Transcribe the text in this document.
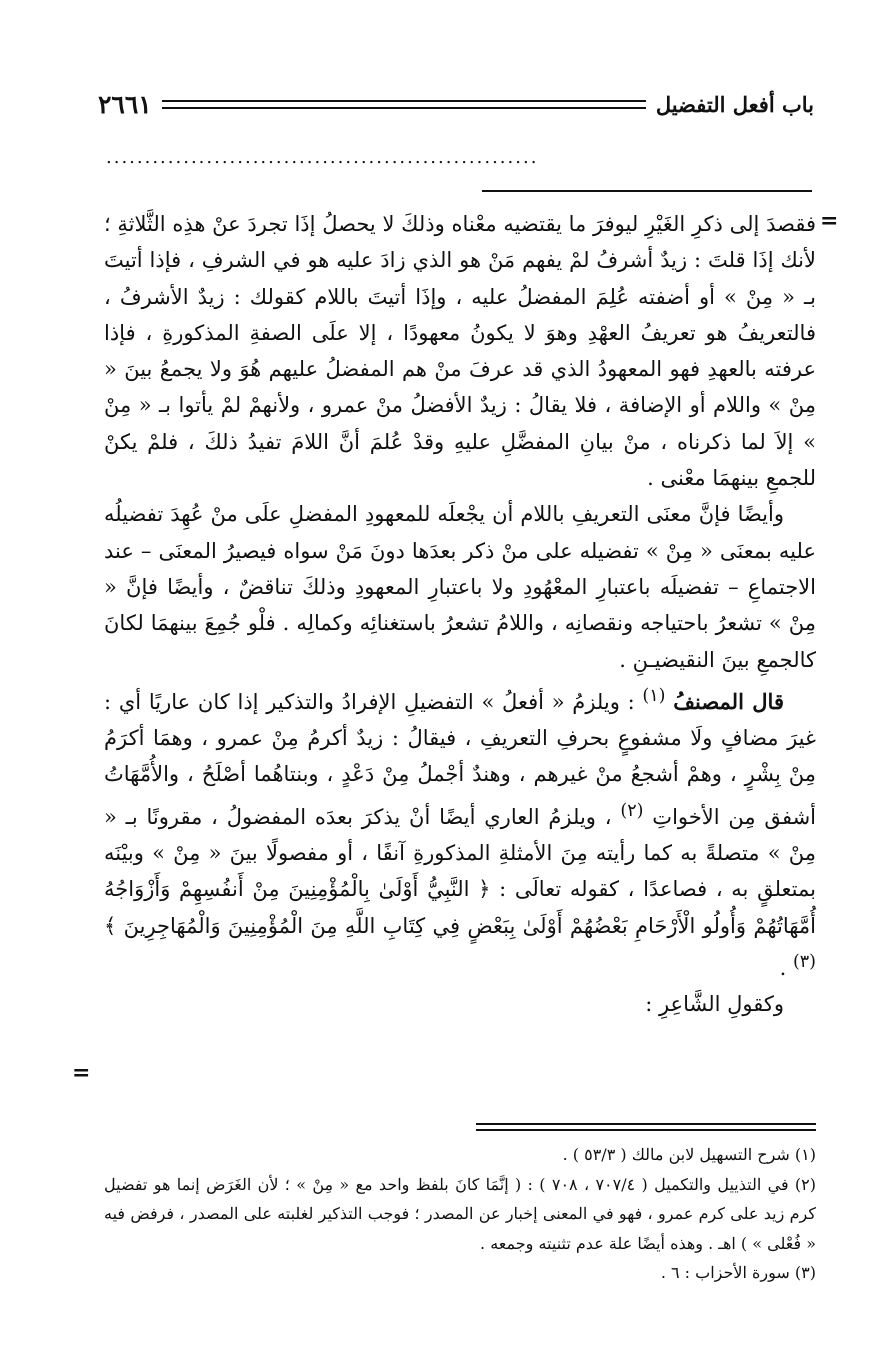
باب أفعل التفضيل
٢٦٦١
........................................................
=

فقصدَ إلى ذكرِ الغَيْرِ ليوفرَ ما يقتضيه معْناه وذلكَ لا يحصلُ إذَا تجردَ عنْ هذِه الثَّلاثةِ ؛ لأنك إذَا قلتَ : زيدٌ أشرفُ لمْ يفهم مَنْ هو الذي زادَ عليه هو في الشرفِ ، فإذا أتيتَ بـ « مِنْ » أو أضفته عُلِمَ المفضلُ عليه ، وإذَا أتيتَ باللام كقولك : زيدٌ الأشرفُ ، فالتعريفُ هو تعريفُ العهْدِ وهوَ لا يكونُ معهودًا ، إلا علَى الصفةِ المذكورةِ ، فإذا عرفته بالعهدِ فهو المعهودُ الذي قد عرفَ منْ هم المفضلُ عليهم هُوَ ولا يجمعُ بينَ « مِنْ » واللام أو الإضافة ، فلا يقالُ : زيدٌ الأفضلُ منْ عمرو ، ولأنهمْ لمْ يأتوا بـ « مِنْ » إلاَ لما ذكرناه ، منْ بيانِ المفضَّلِ عليهِ وقدْ عُلمَ أنَّ اللامَ تفيدُ ذلكَ ، فلمْ يكنْ للجمعِ بينهمَا معْنى .

وأيضًا فإنَّ معنَى التعريفِ باللام أن يجْعلَه للمعهودِ المفضلِ علَى منْ عُهِدَ تفضيلُه عليه بمعنَى « مِنْ » تفضيله على منْ ذكر بعدَها دونَ مَنْ سواه فيصيرُ المعنَى – عند الاجتماعِ – تفضيلَه باعتبارِ المعْهُودِ ولا باعتبارِ المعهودِ وذلكَ تناقضٌ ، وأيضًا فإنَّ « مِنْ » تشعرُ باحتياجه ونقصانِه ، واللامُ تشعرُ باستغنائِه وكمالِه . فلْو جُمِعَ بينهمَا لكانَ كالجمعِ بينَ النقيضيـنِ .

قال المصنفُ $^{(١)}$ : ويلزمُ « أفعلُ » التفضيلِ الإفرادُ والتذكير إذا كان عاريًا أي : غيرَ مضافٍ ولَا مشفوعٍ بحرفِ التعريفِ ، فيقالُ : زيدٌ أكرمُ مِنْ عمرو ، وهمَا أكرَمُ مِنْ بِشْرٍ ، وهمْ أشجعُ منْ غيرهم ، وهندٌ أجْملُ مِنْ دَعْدٍ ، وبنتاهُما أصْلَحُ ، والأُمَّهَاتُ أشفق مِن الأخواتِ $^{(٢)}$ ، ويلزمُ العاري أيضًا أنْ يذكرَ بعدَه المفضولُ ، مقرونًا بـ « مِنْ » متصلةً به كما رأيته مِنَ الأمثلةِ المذكورةِ آنفًا ، أو مفصولًا بينَ « مِنْ » وبيْنَه بمتعلقٍ به ، فصاعدًا ، كقوله تعالَى : ﴿ النَّبِيُّ أَوْلَىٰ بِالْمُؤْمِنِينَ مِنْ أَنفُسِهِمْ وَأَزْوَاجُهُ أُمَّهَاتُهُمْ وَأُولُو الْأَرْحَامِ بَعْضُهُمْ أَوْلَىٰ بِبَعْضٍ فِي كِتَابِ اللَّهِ مِنَ الْمُؤْمِنِينَ وَالْمُهَاجِرِينَ ﴾ $^{(٣)}$ .

وكقولِ الشَّاعِرِ :

=

(١) شرح التسهيل لابن مالك ( ٥٣/٣ ) .

(٢) في التذييل والتكميل ( ٧٠٧/٤ ، ٧٠٨ ) : ( إنَّمَا كانَ بلفظ واحد مع « مِنْ » ؛ لأن الغَرَض إنما هو تفضيل كرم زيد على كرم عمرو ، فهو في المعنى إخبار عن المصدر ؛ فوجب التذكير لغلبته على المصدر ، فرفض فيه « فُعْلى » ) اهـ . وهذه أيضًا علة عدم تثنيته وجمعه .

(٣) سورة الأحزاب : ٦ .
